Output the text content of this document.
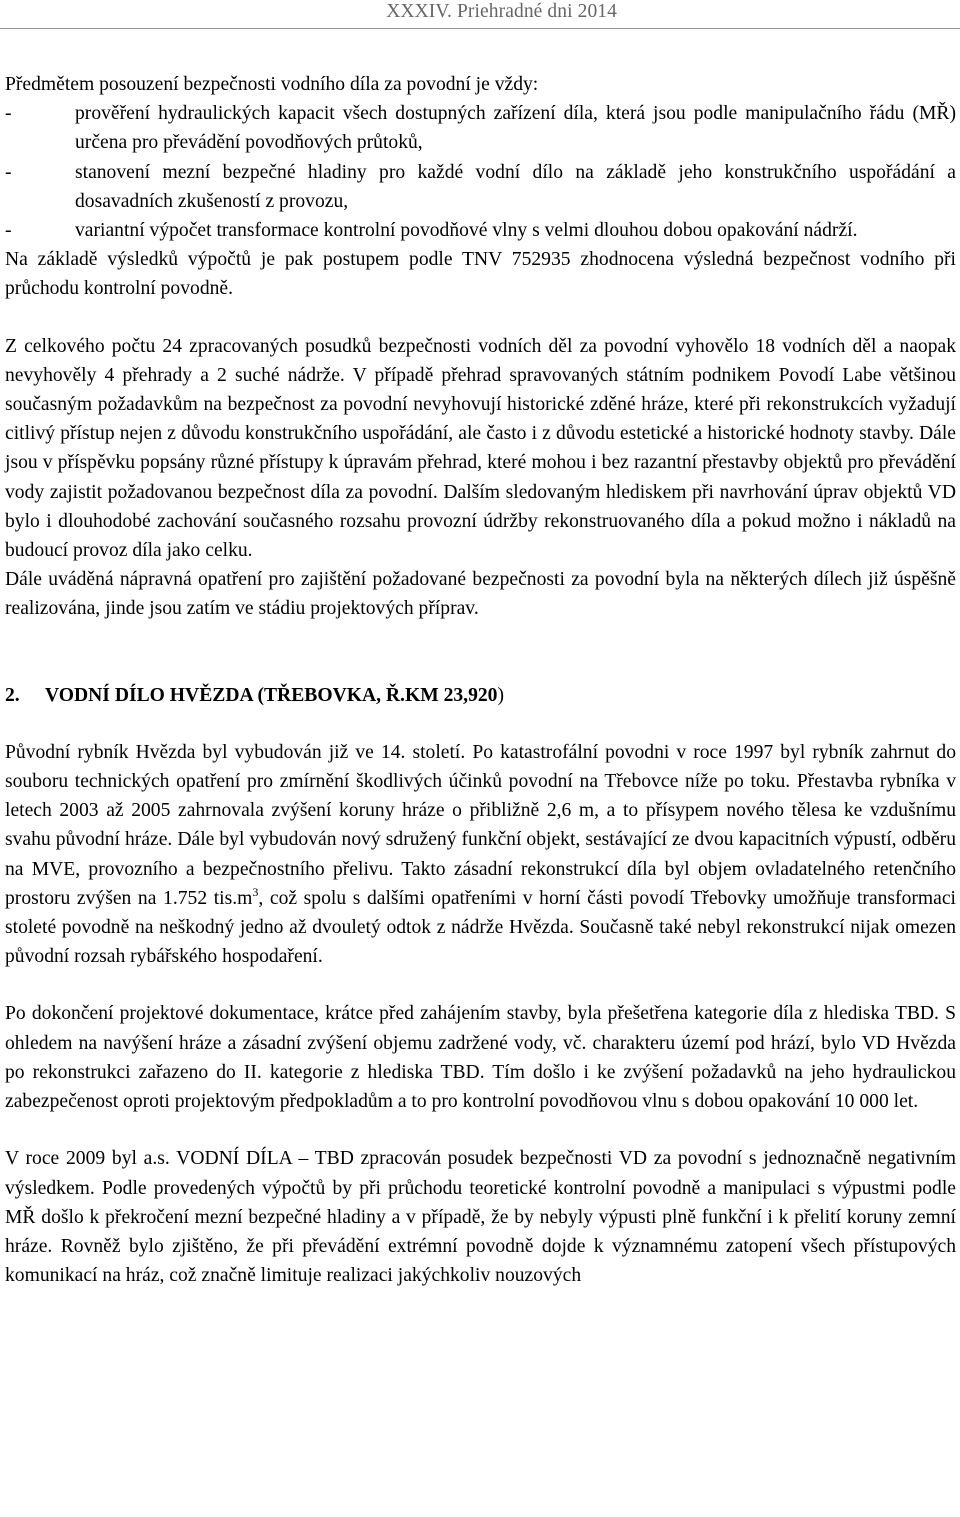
XXXIV. Priehradné dni 2014

Předmětem posouzení bezpečnosti vodního díla za povodní je vždy:

-	prověření hydraulických kapacit všech dostupných zařízení díla, která jsou podle manipulačního řádu (MŘ) určena pro převádění povodňových průtoků,
-	stanovení mezní bezpečné hladiny pro každé vodní dílo na základě jeho konstrukčního uspořádání a dosavadních zkušeností z provozu,
-	variantní výpočet transformace kontrolní povodňové vlny s velmi dlouhou dobou opakování nádrží.

Na základě výsledků výpočtů je pak postupem podle TNV 752935 zhodnocena výsledná bezpečnost vodního při průchodu kontrolní povodně.

Z celkového počtu 24 zpracovaných posudků bezpečnosti vodních děl za povodní vyhovělo 18 vodních děl a naopak nevyhověly 4 přehrady a 2 suché nádrže. V případě přehrad spravovaných státním podnikem Povodí Labe většinou současným požadavkům na bezpečnost za povodní nevyhovují historické zděné hráze, které při rekonstrukcích vyžadují citlivý přístup nejen z důvodu konstrukčního uspořádání, ale často i z důvodu estetické a historické hodnoty stavby. Dále jsou v příspěvku popsány různé přístupy k úpravám přehrad, které mohou i bez razantní přestavby objektů pro převádění vody zajistit požadovanou bezpečnost díla za povodní. Dalším sledovaným hlediskem při navrhování úprav objektů VD bylo i dlouhodobé zachování současného rozsahu provozní údržby rekonstruovaného díla a pokud možno i nákladů na budoucí provoz díla jako celku.

Dále uváděná nápravná opatření pro zajištění požadované bezpečnosti za povodní byla na některých dílech již úspěšně realizována, jinde jsou zatím ve stádiu projektových příprav.

2. VODNÍ DÍLO HVĚZDA (TŘEBOVKA, Ř.KM 23,920)

Původní rybník Hvězda byl vybudován již ve 14. století. Po katastrofální povodni v roce 1997 byl rybník zahrnut do souboru technických opatření pro zmírnění škodlivých účinků povodní na Třebovce níže po toku. Přestavba rybníka v letech 2003 až 2005 zahrnovala zvýšení koruny hráze o přibližně 2,6 m, a to přísypem nového tělesa ke vzdušnímu svahu původní hráze. Dále byl vybudován nový sdružený funkční objekt, sestávající ze dvou kapacitních výpustí, odběru na MVE, provozního a bezpečnostního přelivu. Takto zásadní rekonstrukcí díla byl objem ovladatelného retenčního prostoru zvýšen na 1.752 $tis.m^3$, což spolu s dalšími opatřeními v horní části povodí Třebovky umožňuje transformaci stoleté povodně na neškodný jedno až dvouletý odtok z nádrže Hvězda. Současně také nebyl rekonstrukcí nijak omezen původní rozsah rybářského hospodaření.

Po dokončení projektové dokumentace, krátce před zahájením stavby, byla přešetřena kategorie díla z hlediska TBD. S ohledem na navýšení hráze a zásadní zvýšení objemu zadržené vody, vč. charakteru území pod hrází, bylo VD Hvězda po rekonstrukci zařazeno do II. kategorie z hlediska TBD. Tím došlo i ke zvýšení požadavků na jeho hydraulickou zabezpečenost oproti projektovým předpokladům a to pro kontrolní povodňovou vlnu s dobou opakování 10 000 let.

V roce 2009 byl a.s. VODNÍ DÍLA – TBD zpracován posudek bezpečnosti VD za povodní s jednoznačně negativním výsledkem. Podle provedených výpočtů by při průchodu teoretické kontrolní povodně a manipulaci s výpustmi podle MŘ došlo k překročení mezní bezpečné hladiny a v případě, že by nebyly výpusti plně funkční i k přelití koruny zemní hráze. Rovněž bylo zjištěno, že při převádění extrémní povodně dojde k významnému zatopení všech přístupových komunikací na hráz, což značně limituje realizaci jakýchkoliv nouzových
